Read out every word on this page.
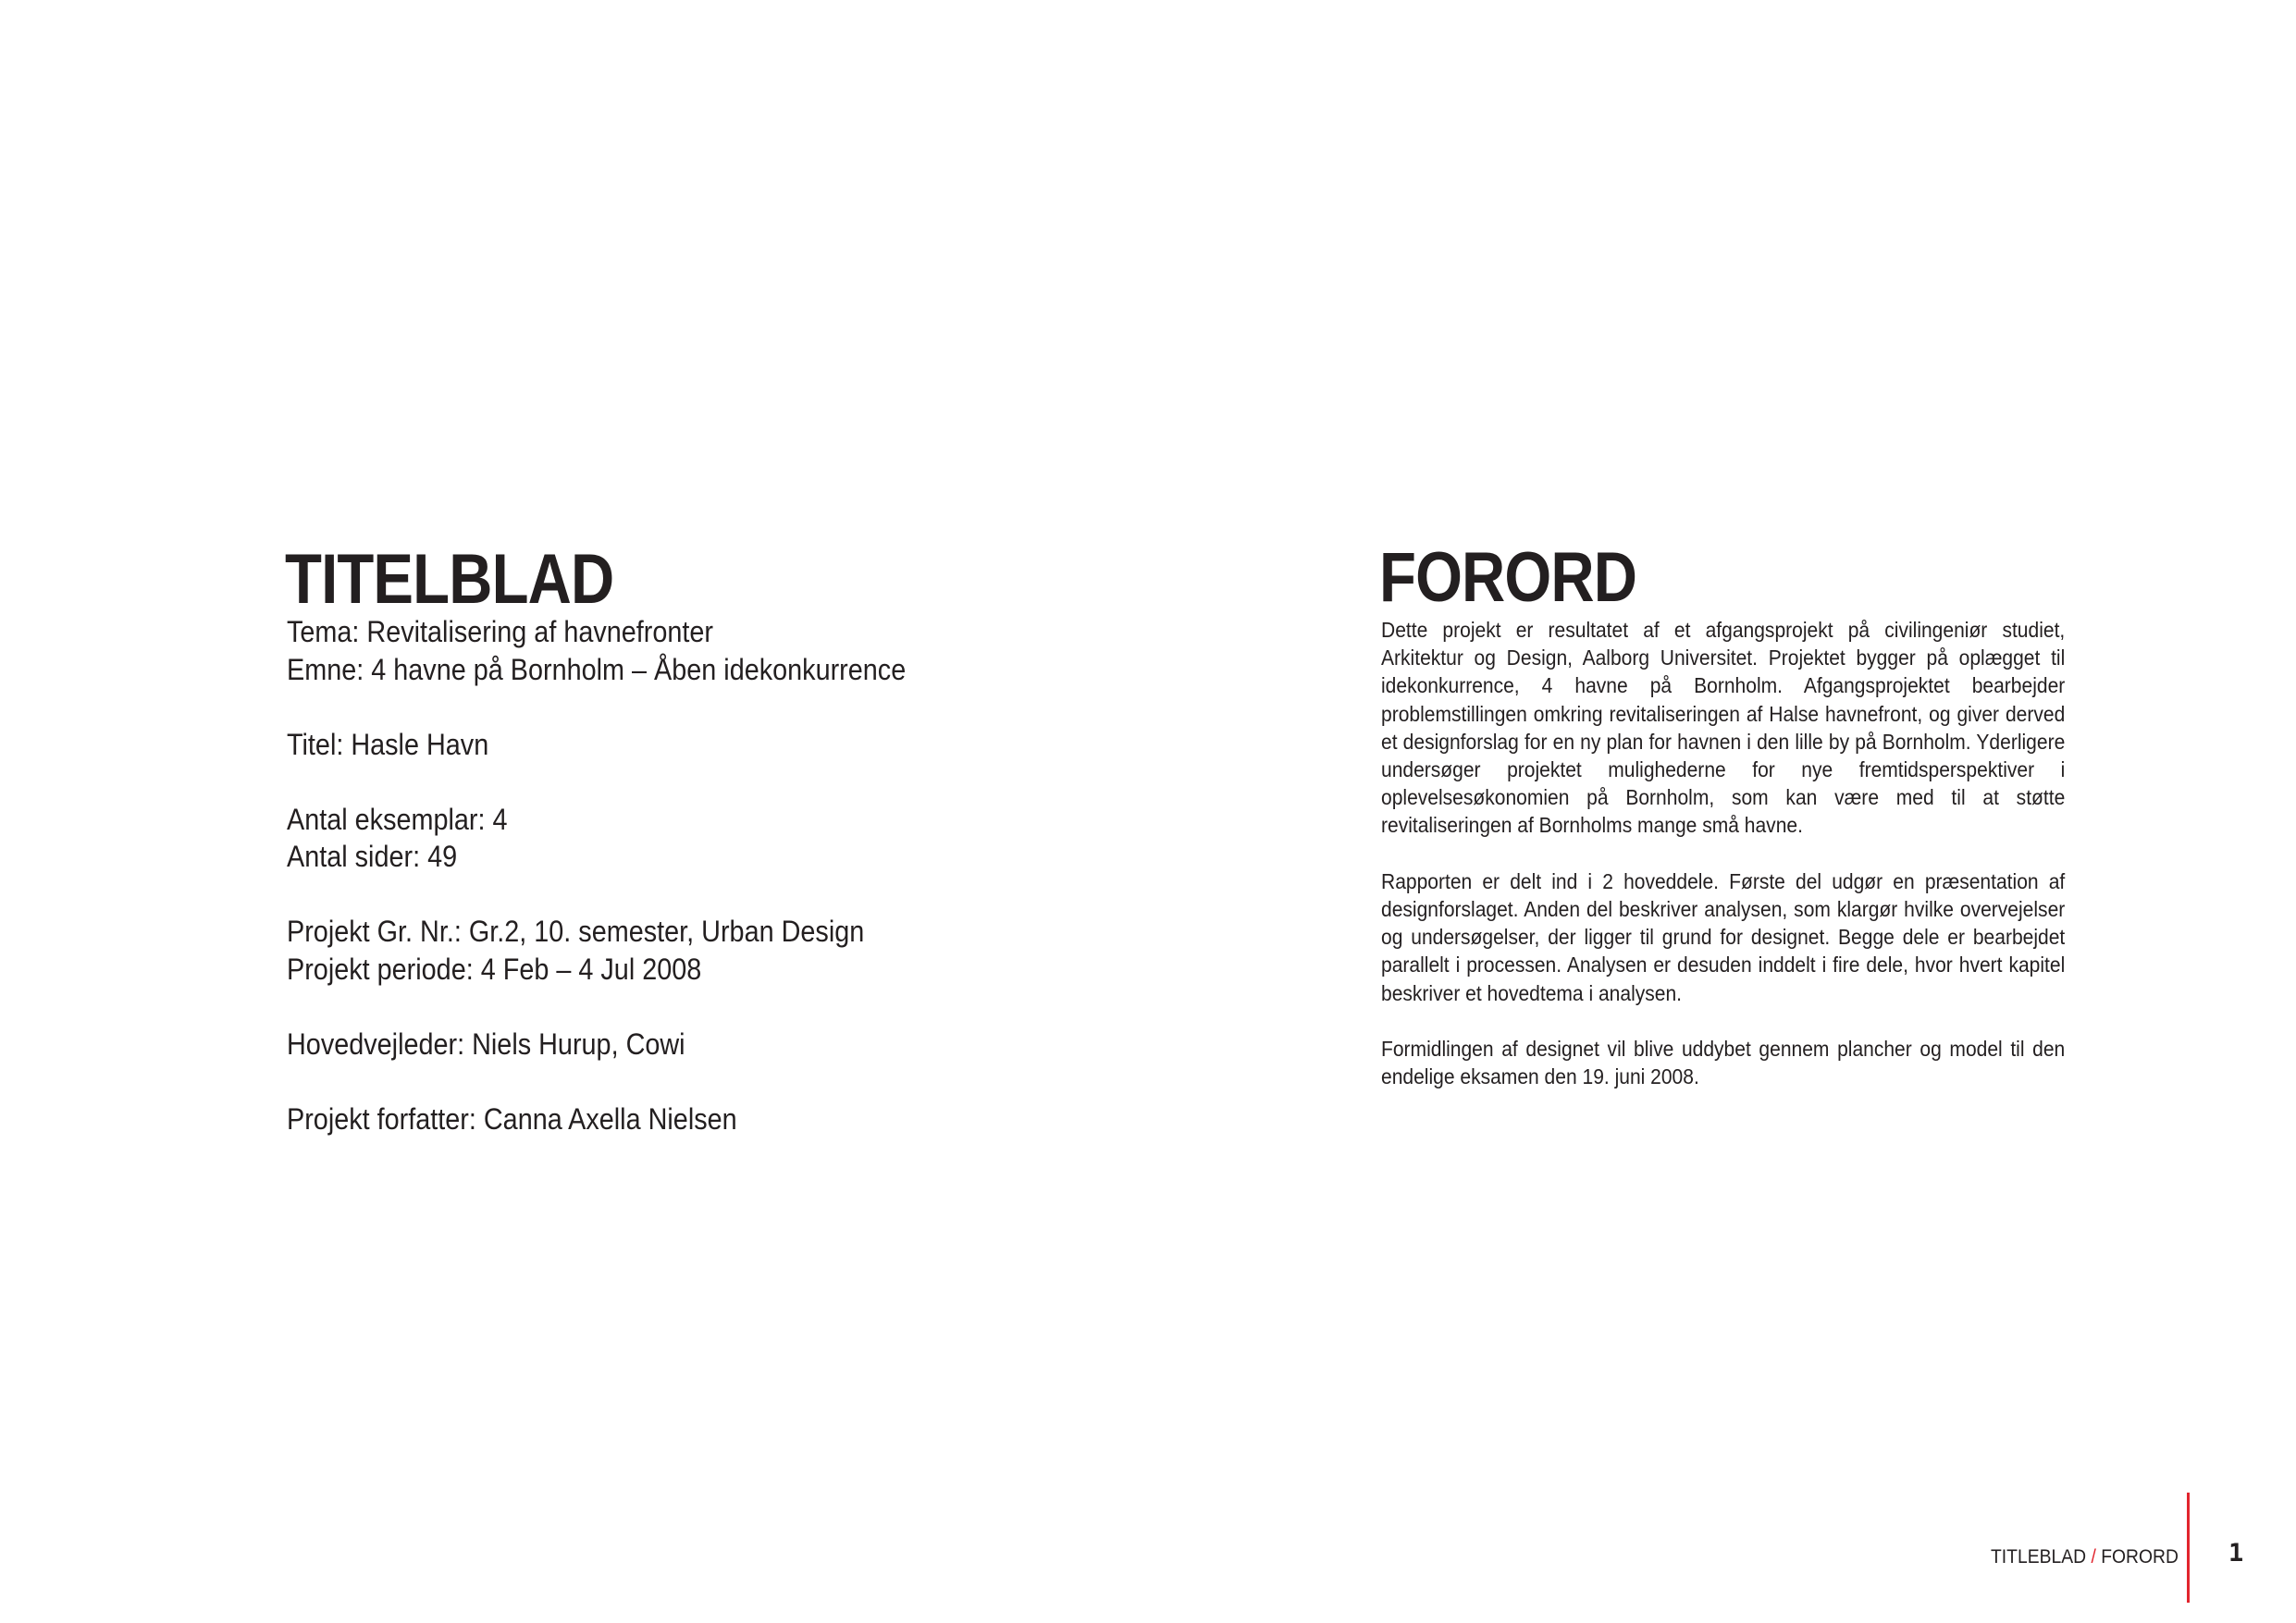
TITELBLAD
Tema: Revitalisering af havnefronter
Emne: 4 havne på Bornholm – Åben idekonkurrence
Titel: Hasle Havn
Antal eksemplar: 4
Antal sider: 49
Projekt Gr. Nr.: Gr.2, 10. semester, Urban Design
Projekt periode: 4 Feb – 4 Jul 2008
Hovedvejleder: Niels Hurup, Cowi
Projekt forfatter: Canna Axella Nielsen
FORORD

Dette projekt er resultatet af et afgangsprojekt på civilingeniør studiet, Arkitektur og Design, Aalborg Universitet. Projektet bygger på oplægget til idekonkurrence, 4 havne på Bornholm. Afgangsprojektet bearbejder problemstillingen omkring revitaliseringen af Halse havnefront, og giver derved et designforslag for en ny plan for havnen i den lille by på Bornholm. Yderligere undersøger projektet mulighederne for nye fremtidsperspektiver i oplevelsesøkonomien på Bornholm, som kan være med til at støtte revitaliseringen af Bornholms mange små havne.

Rapporten er delt ind i 2 hoveddele. Første del udgør en præsentation af designforslaget. Anden del beskriver analysen, som klargør hvilke overvejelser og undersøgelser, der ligger til grund for designet. Begge dele er bearbejdet parallelt i processen. Analysen er desuden inddelt i fire dele, hvor hvert kapitel beskriver et hovedtema i analysen.

Formidlingen af designet vil blive uddybet gennem plancher og model til den endelige eksamen den 19. juni 2008.

TITLEBLAD / FORORD 1
